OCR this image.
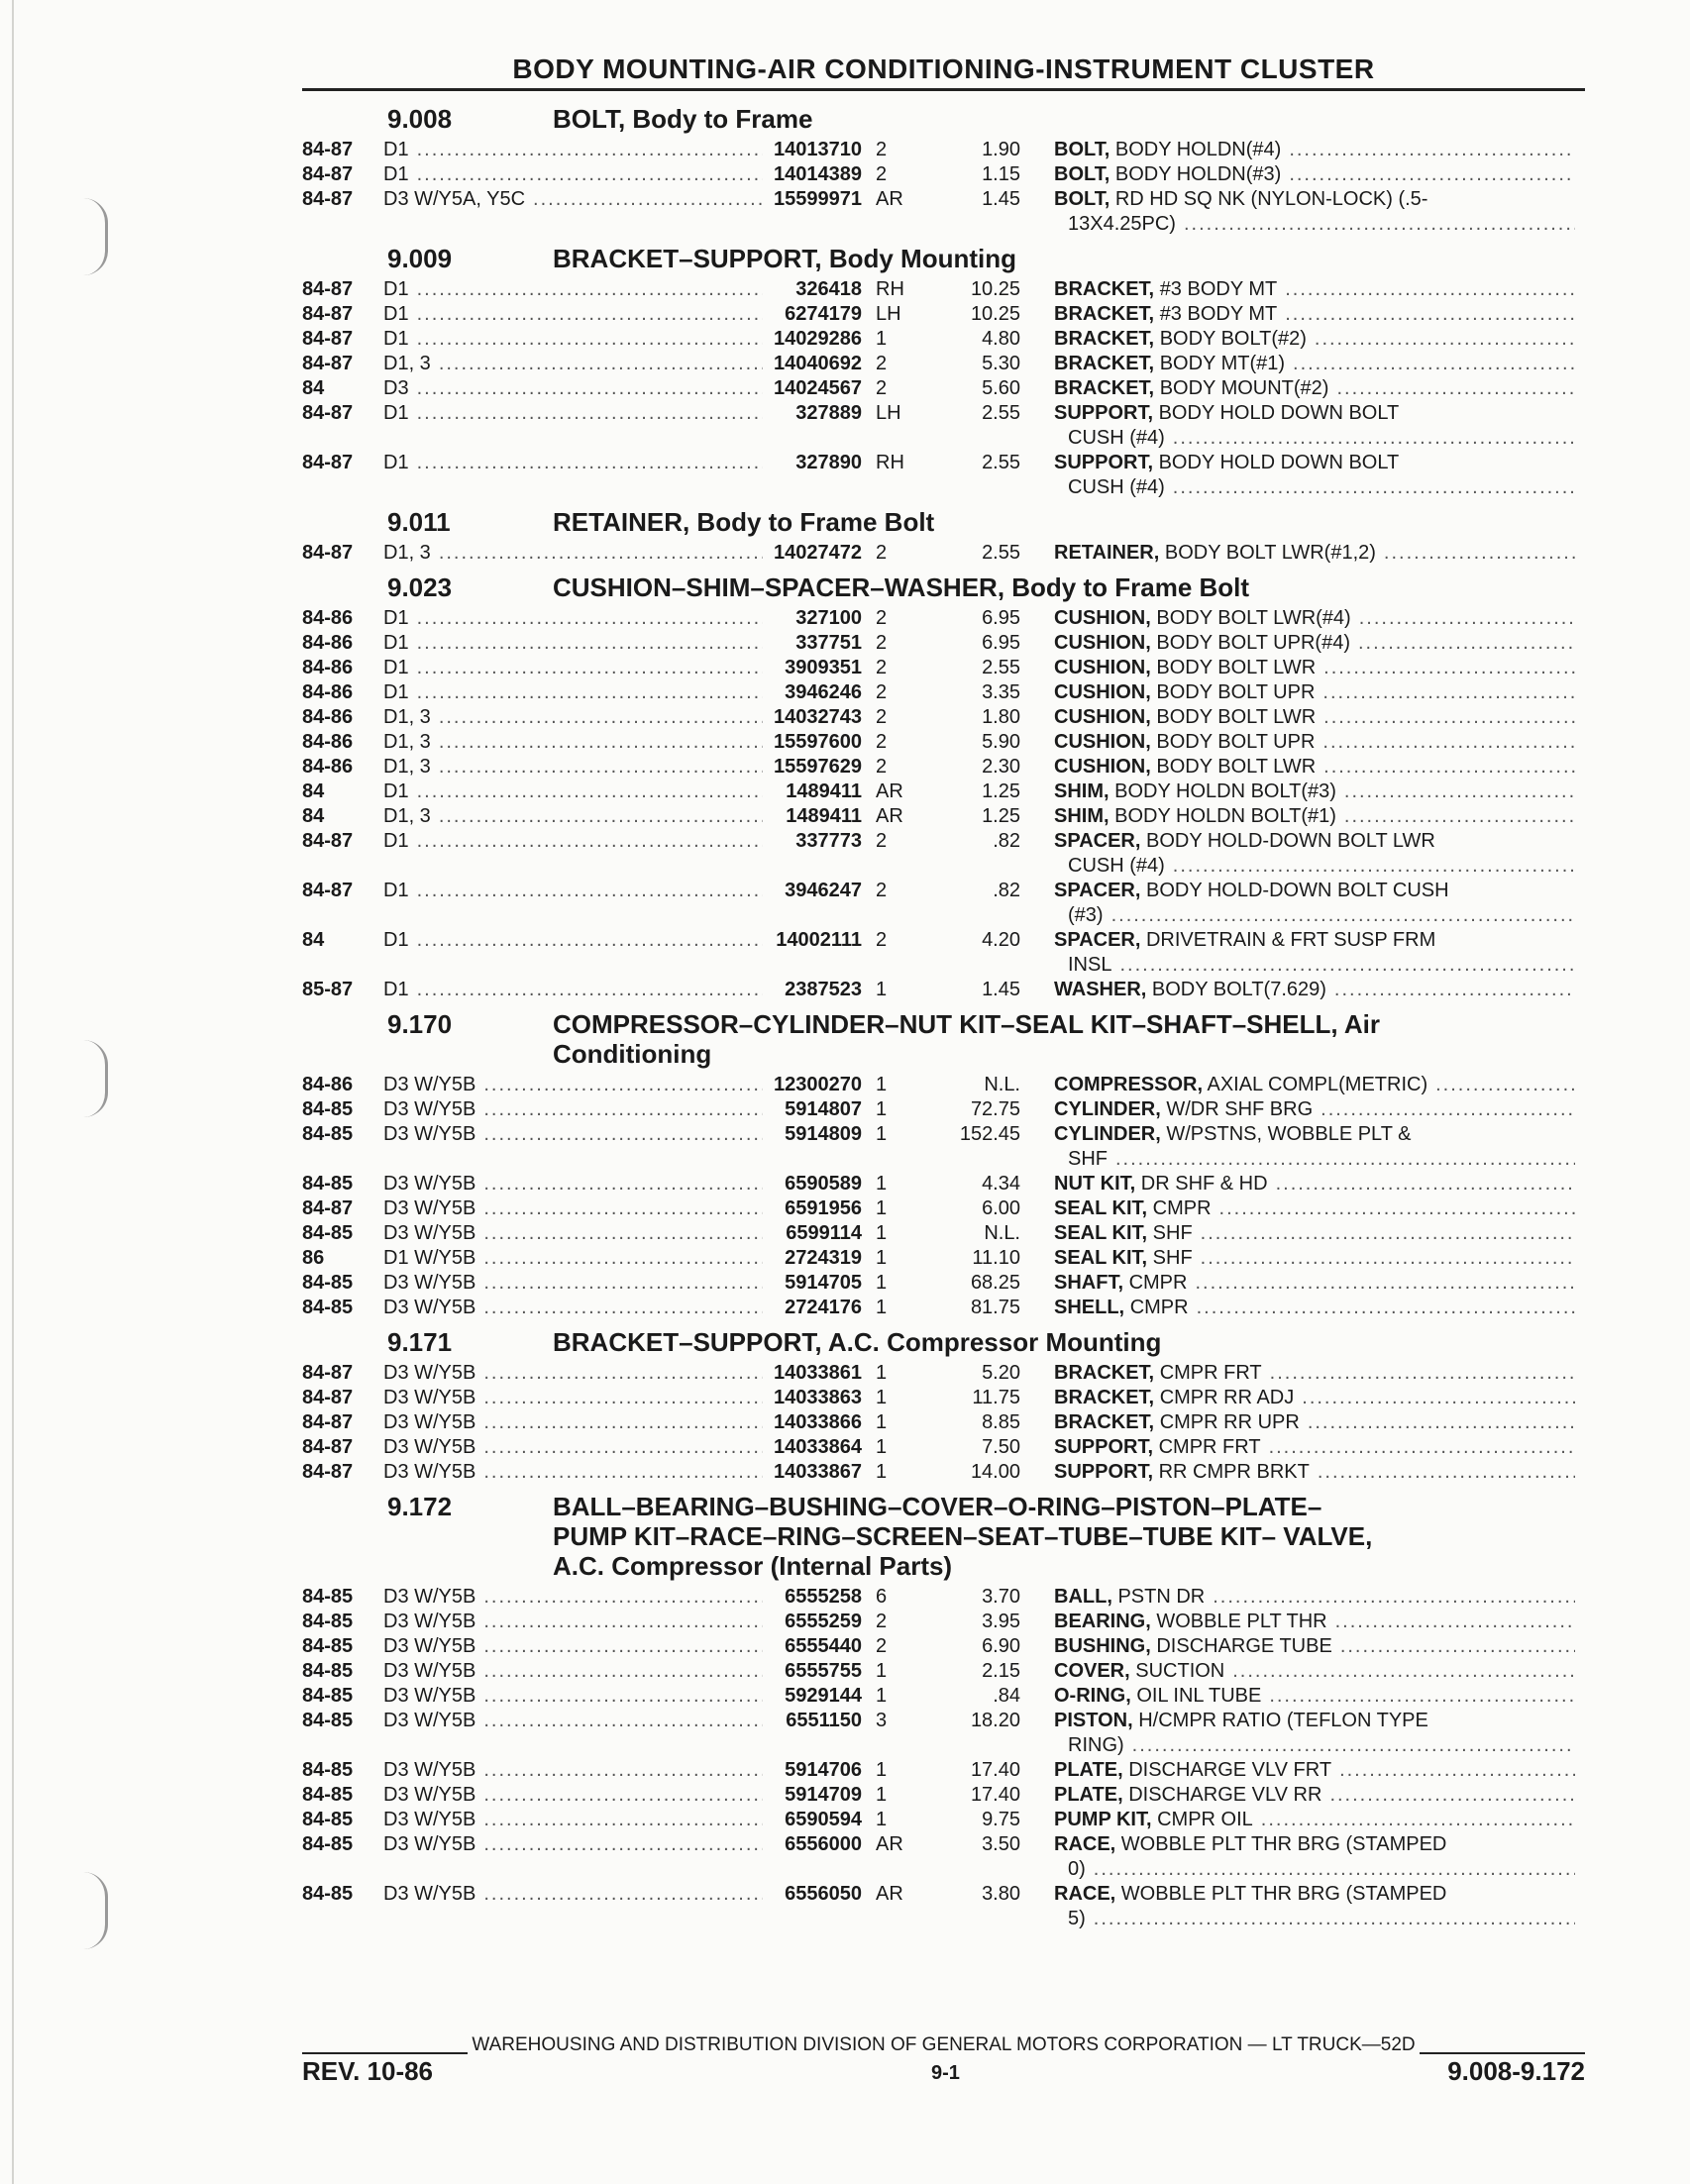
BODY MOUNTING-AIR CONDITIONING-INSTRUMENT CLUSTER
9.008	BOLT, Body to Frame
84-87	D1 .....	14013710 2	1.90 BOLT, BODY HOLDN(#4)
.....
84-87	D1 .....	14014389 2	1.15 BOLT, BODY HOLDN(#3)
.....
84-87	D3 W/Y5A, Y5C .....	15599971 AR	1.45 BOLT, RD HD SQ NK (NYLON-LOCK) (.5-
13X4.25PC)
.....
9.009	BRACKET–SUPPORT, Body Mounting
84-87	D1 .....	326418 RH	10.25 BRACKET, #3 BODY MT
.....
84-87	D1 .....	6274179 LH	10.25 BRACKET, #3 BODY MT
.....
84-87	D1 .....	14029286 1	4.80 BRACKET, BODY BOLT(#2)
.....
84-87	D1, 3 .....	14040692 2	5.30 BRACKET, BODY MT(#1)
.....
84	D3 .....	14024567 2	5.60 BRACKET, BODY MOUNT(#2)
.....
84-87	D1 .....	327889 LH	2.55 SUPPORT, BODY HOLD DOWN BOLT
CUSH (#4)
.....
84-87	D1 .....	327890 RH	2.55 SUPPORT, BODY HOLD DOWN BOLT
CUSH (#4)
.....
9.011	RETAINER, Body to Frame Bolt
84-87	D1, 3 .....	14027472 2	2.55 RETAINER, BODY BOLT LWR(#1,2)
.....
9.023	CUSHION–SHIM–SPACER–WASHER, Body to Frame Bolt
84-86	D1 .....	327100 2	6.95 CUSHION, BODY BOLT LWR(#4)
.....
84-86	D1 .....	337751 2	6.95 CUSHION, BODY BOLT UPR(#4)
.....
84-86	D1 .....	3909351 2	2.55 CUSHION, BODY BOLT LWR
.....
84-86	D1 .....	3946246 2	3.35 CUSHION, BODY BOLT UPR
.....
84-86	D1, 3 .....	14032743 2	1.80 CUSHION, BODY BOLT LWR
.....
84-86	D1, 3 .....	15597600 2	5.90 CUSHION, BODY BOLT UPR
.....
84-86	D1, 3 .....	15597629 2	2.30 CUSHION, BODY BOLT LWR
.....
84	D1 .....	1489411 AR	1.25 SHIM, BODY HOLDN BOLT(#3)
.....
84	D1, 3 .....	1489411 AR	1.25 SHIM, BODY HOLDN BOLT(#1)
.....
84-87	D1 .....	337773 2	.82 SPACER, BODY HOLD-DOWN BOLT LWR
CUSH (#4)
.....
84-87	D1 .....	3946247 2	.82 SPACER, BODY HOLD-DOWN BOLT CUSH
(#3)
.....
84	D1 .....	14002111 2	4.20 SPACER, DRIVETRAIN & FRT SUSP FRM
INSL
.....
85-87	D1 .....	2387523 1	1.45 WASHER, BODY BOLT(7.629)
.....
9.170	COMPRESSOR–CYLINDER–NUT KIT–SEAL KIT–SHAFT–SHELL, Air
Conditioning
84-86	D3 W/Y5B .....	12300270 1	N.L. COMPRESSOR, AXIAL COMPL(METRIC)
.....
84-85	D3 W/Y5B .....	5914807 1	72.75 CYLINDER, W/DR SHF BRG
.....
84-85	D3 W/Y5B .....	5914809 1	152.45 CYLINDER, W/PSTNS, WOBBLE PLT &
SHF
.....
84-85	D3 W/Y5B .....	6590589 1	4.34 NUT KIT, DR SHF & HD
.....
84-87	D3 W/Y5B .....	6591956 1	6.00 SEAL KIT, CMPR
.....
84-85	D3 W/Y5B .....	6599114 1	N.L. SEAL KIT, SHF
.....
86	D1 W/Y5B .....	2724319 1	11.10 SEAL KIT, SHF
.....
84-85	D3 W/Y5B .....	5914705 1	68.25 SHAFT, CMPR
.....
84-85	D3 W/Y5B .....	2724176 1	81.75 SHELL, CMPR
.....
9.171	BRACKET–SUPPORT, A.C. Compressor Mounting
84-87	D3 W/Y5B .....	14033861 1	5.20 BRACKET, CMPR FRT
.....
84-87	D3 W/Y5B .....	14033863 1	11.75 BRACKET, CMPR RR ADJ
.....
84-87	D3 W/Y5B .....	14033866 1	8.85 BRACKET, CMPR RR UPR
.....
84-87	D3 W/Y5B .....	14033864 1	7.50 SUPPORT, CMPR FRT
.....
84-87	D3 W/Y5B .....	14033867 1	14.00 SUPPORT, RR CMPR BRKT
.....
9.172	BALL–BEARING–BUSHING–COVER–O-RING–PISTON–PLATE–
PUMP KIT–RACE–RING–SCREEN–SEAT–TUBE–TUBE KIT– VALVE,
A.C. Compressor (Internal Parts)
84-85	D3 W/Y5B .....	6555258 6	3.70 BALL, PSTN DR
.....
84-85	D3 W/Y5B .....	6555259 2	3.95 BEARING, WOBBLE PLT THR
.....
84-85	D3 W/Y5B .....	6555440 2	6.90 BUSHING, DISCHARGE TUBE
.....
84-85	D3 W/Y5B .....	6555755 1	2.15 COVER, SUCTION
.....
84-85	D3 W/Y5B .....	5929144 1	.84 O-RING, OIL INL TUBE
.....
84-85	D3 W/Y5B .....	6551150 3	18.20 PISTON, H/CMPR RATIO (TEFLON TYPE
RING)
.....
84-85	D3 W/Y5B .....	5914706 1	17.40 PLATE, DISCHARGE VLV FRT
.....
84-85	D3 W/Y5B .....	5914709 1	17.40 PLATE, DISCHARGE VLV RR
.....
84-85	D3 W/Y5B .....	6590594 1	9.75 PUMP KIT, CMPR OIL
.....
84-85	D3 W/Y5B .....	6556000 AR	3.50 RACE, WOBBLE PLT THR BRG (STAMPED
0)
.....
84-85	D3 W/Y5B .....	6556050 AR	3.80 RACE, WOBBLE PLT THR BRG (STAMPED
5)
.....
WAREHOUSING AND DISTRIBUTION DIVISION OF GENERAL MOTORS CORPORATION — LT TRUCK—52D
REV. 10-86	9-1	9.008-9.172
